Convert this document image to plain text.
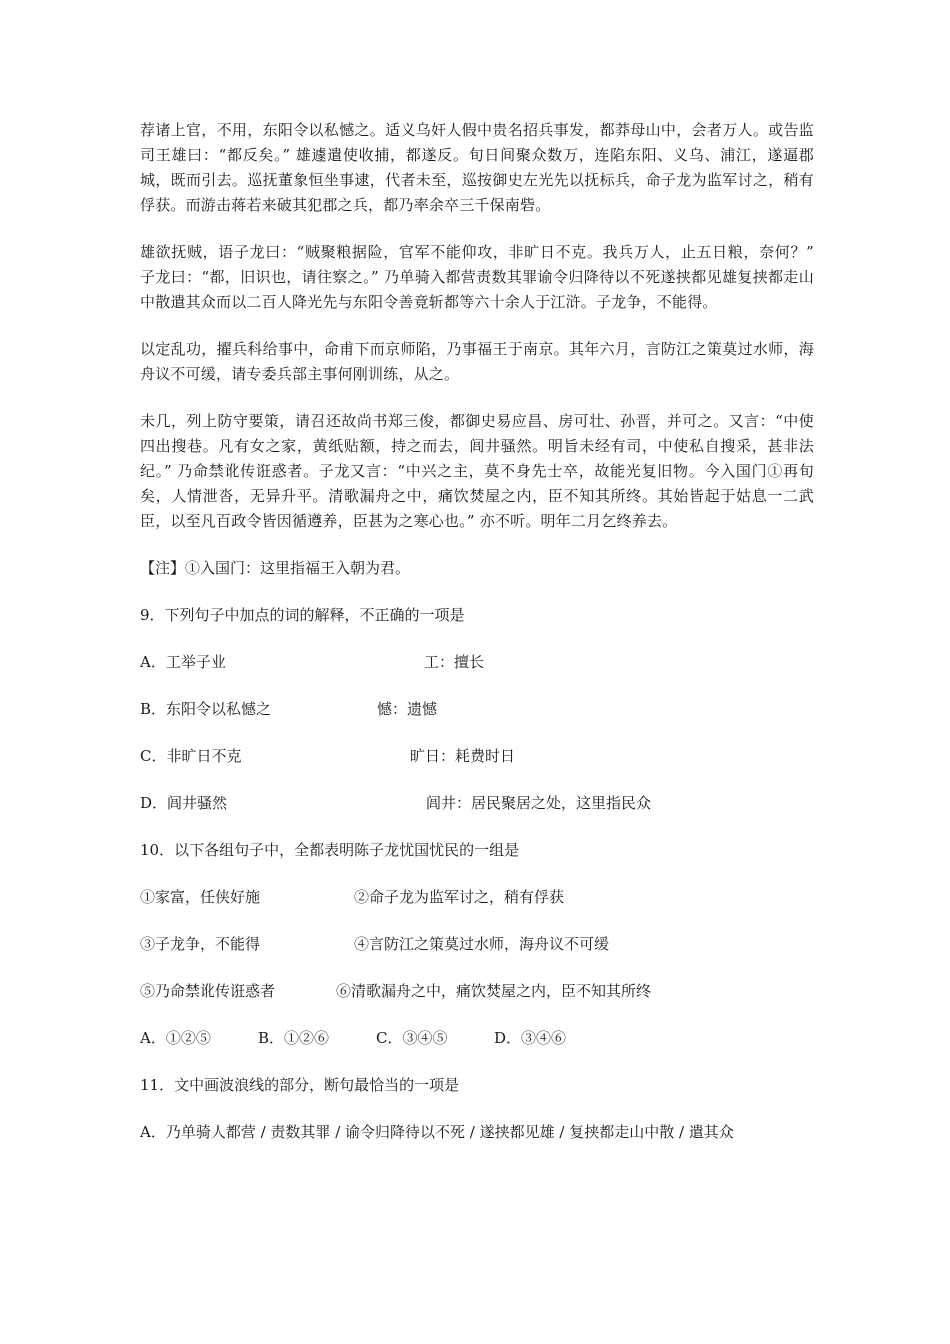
荐诸上官，不用，东阳令以私憾之。适义乌奸人假中贵名招兵事发，都莽母山中，会者万人。或告监司王雄曰：“都反矣。” 雄遽遣使收捕，都遂反。旬日间聚众数万，连陷东阳、义乌、浦江，遂逼郡城，既而引去。巡抚董象恒坐事逮，代者未至，巡按御史左光先以抚标兵，命子龙为监军讨之，稍有俘获。而游击蒋若来破其犯郡之兵，都乃率余卒三千保南砦。

雄欲抚贼，语子龙曰：“贼聚粮据险，官军不能仰攻，非旷日不克。我兵万人，止五日粮，奈何？” 子龙曰：“都，旧识也，请往察之。” 乃单骑入都营责数其罪谕令归降待以不死遂挟都见雄复挟都走山中散遣其众而以二百人降光先与东阳令善竟斩都等六十余人于江浒。子龙争，不能得。

以定乱功，擢兵科给事中，命甫下而京师陷，乃事福王于南京。其年六月，言防江之策莫过水师，海舟议不可缓，请专委兵部主事何刚训练，从之。

未几，列上防守要策，请召还故尚书郑三俊，都御史易应昌、房可壮、孙晋，并可之。又言：“中使四出搜巷。凡有女之家，黄纸贴额，持之而去，闾井骚然。明旨未经有司，中使私自搜采，甚非法纪。” 乃命禁讹传诳惑者。子龙又言：“中兴之主，莫不身先士卒，故能光复旧物。今入国门①再旬矣，人情泄沓，无异升平。清歌漏舟之中，痛饮焚屋之内，臣不知其所终。其始皆起于姑息一二武臣，以至凡百政令皆因循遵养，臣甚为之寒心也。” 亦不听。明年二月乞终养去。

【注】①入国门：这里指福王入朝为君。
9．下列句子中加点的词的解释，不正确的一项是
A．工举子业	工：擅长
B．东阳令以私憾之	憾：遗憾
C．非旷日不克	旷日：耗费时日
D．闾井骚然	闾井：居民聚居之处，这里指民众
10．以下各组句子中，全都表明陈子龙忧国忧民的一组是
①家富，任侠好施	②命子龙为监军讨之，稍有俘获
③子龙争，不能得	④言防江之策莫过水师，海舟议不可缓
⑤乃命禁讹传诳惑者	⑥清歌漏舟之中，痛饮焚屋之内，臣不知其所终
A．①②⑤	B．①②⑥	C．③④⑤	D．③④⑥
11．文中画波浪线的部分，断句最恰当的一项是
A．乃单骑人都营 / 责数其罪 / 谕令归降待以不死 / 遂挟都见雄 / 复挟都走山中散 / 遣其众
